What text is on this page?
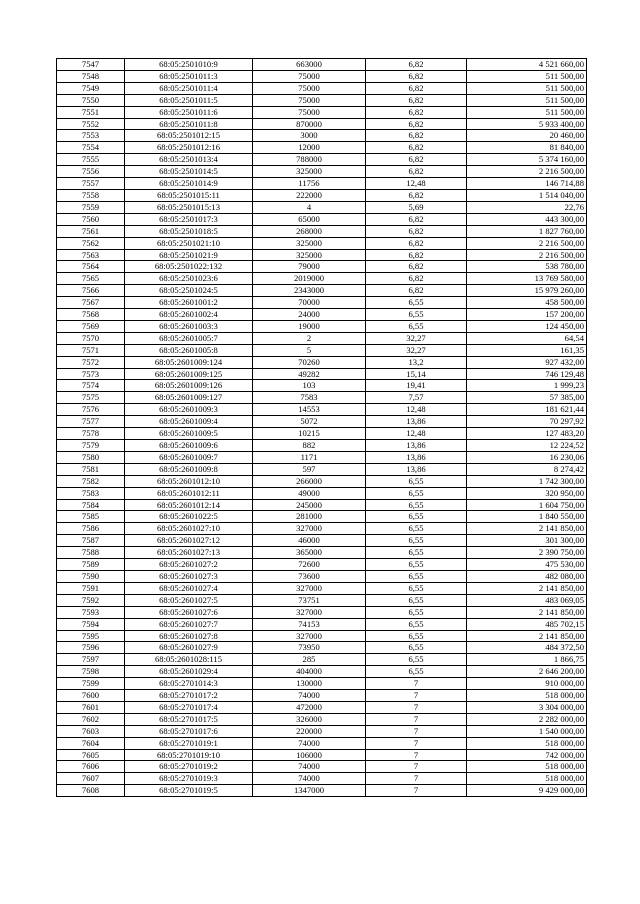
7547	68:05:2501010:9	663000	6,82	4 521 660,00
7548	68:05:2501011:3	75000	6,82	511 500,00
7549	68:05:2501011:4	75000	6,82	511 500,00
7550	68:05:2501011:5	75000	6,82	511 500,00
7551	68:05:2501011:6	75000	6,82	511 500,00
7552	68:05:2501011:8	870000	6,82	5 933 400,00
7553	68:05:2501012:15	3000	6,82	20 460,00
7554	68:05:2501012:16	12000	6,82	81 840,00
7555	68:05:2501013:4	788000	6,82	5 374 160,00
7556	68:05:2501014:5	325000	6,82	2 216 500,00
7557	68:05:2501014:9	11756	12,48	146 714,88
7558	68:05:2501015:11	222000	6,82	1 514 040,00
7559	68:05:2501015:13	4	5,69	22,76
7560	68:05:2501017:3	65000	6,82	443 300,00
7561	68:05:2501018:5	268000	6,82	1 827 760,00
7562	68:05:2501021:10	325000	6,82	2 216 500,00
7563	68:05:2501021:9	325000	6,82	2 216 500,00
7564	68:05:2501022:132	79000	6,82	538 780,00
7565	68:05:2501023:6	2019000	6,82	13 769 580,00
7566	68:05:2501024:5	2343000	6,82	15 979 260,00
7567	68:05:2601001:2	70000	6,55	458 500,00
7568	68:05:2601002:4	24000	6,55	157 200,00
7569	68:05:2601003:3	19000	6,55	124 450,00
7570	68:05:2601005:7	2	32,27	64,54
7571	68:05:2601005:8	5	32,27	161,35
7572	68:05:2601009:124	70260	13,2	927 432,00
7573	68:05:2601009:125	49282	15,14	746 129,48
7574	68:05:2601009:126	103	19,41	1 999,23
7575	68:05:2601009:127	7583	7,57	57 385,00
7576	68:05:2601009:3	14553	12,48	181 621,44
7577	68:05:2601009:4	5072	13,86	70 297,92
7578	68:05:2601009:5	10215	12,48	127 483,20
7579	68:05:2601009:6	882	13,86	12 224,52
7580	68:05:2601009:7	1171	13,86	16 230,06
7581	68:05:2601009:8	597	13,86	8 274,42
7582	68:05:2601012:10	266000	6,55	1 742 300,00
7583	68:05:2601012:11	49000	6,55	320 950,00
7584	68:05:2601012:14	245000	6,55	1 604 750,00
7585	68:05:2601022:5	281000	6,55	1 840 550,00
7586	68:05:2601027:10	327000	6,55	2 141 850,00
7587	68:05:2601027:12	46000	6,55	301 300,00
7588	68:05:2601027:13	365000	6,55	2 390 750,00
7589	68:05:2601027:2	72600	6,55	475 530,00
7590	68:05:2601027:3	73600	6,55	482 080,00
7591	68:05:2601027:4	327000	6,55	2 141 850,00
7592	68:05:2601027:5	73751	6,55	483 069,05
7593	68:05:2601027:6	327000	6,55	2 141 850,00
7594	68:05:2601027:7	74153	6,55	485 702,15
7595	68:05:2601027:8	327000	6,55	2 141 850,00
7596	68:05:2601027:9	73950	6,55	484 372,50
7597	68:05:2601028:115	285	6,55	1 866,75
7598	68:05:2601029:4	404000	6,55	2 646 200,00
7599	68:05:2701014:3	130000	7	910 000,00
7600	68:05:2701017:2	74000	7	518 000,00
7601	68:05:2701017:4	472000	7	3 304 000,00
7602	68:05:2701017:5	326000	7	2 282 000,00
7603	68:05:2701017:6	220000	7	1 540 000,00
7604	68:05:2701019:1	74000	7	518 000,00
7605	68:05:2701019:10	106000	7	742 000,00
7606	68:05:2701019:2	74000	7	518 000,00
7607	68:05:2701019:3	74000	7	518 000,00
7608	68:05:2701019:5	1347000	7	9 429 000,00
